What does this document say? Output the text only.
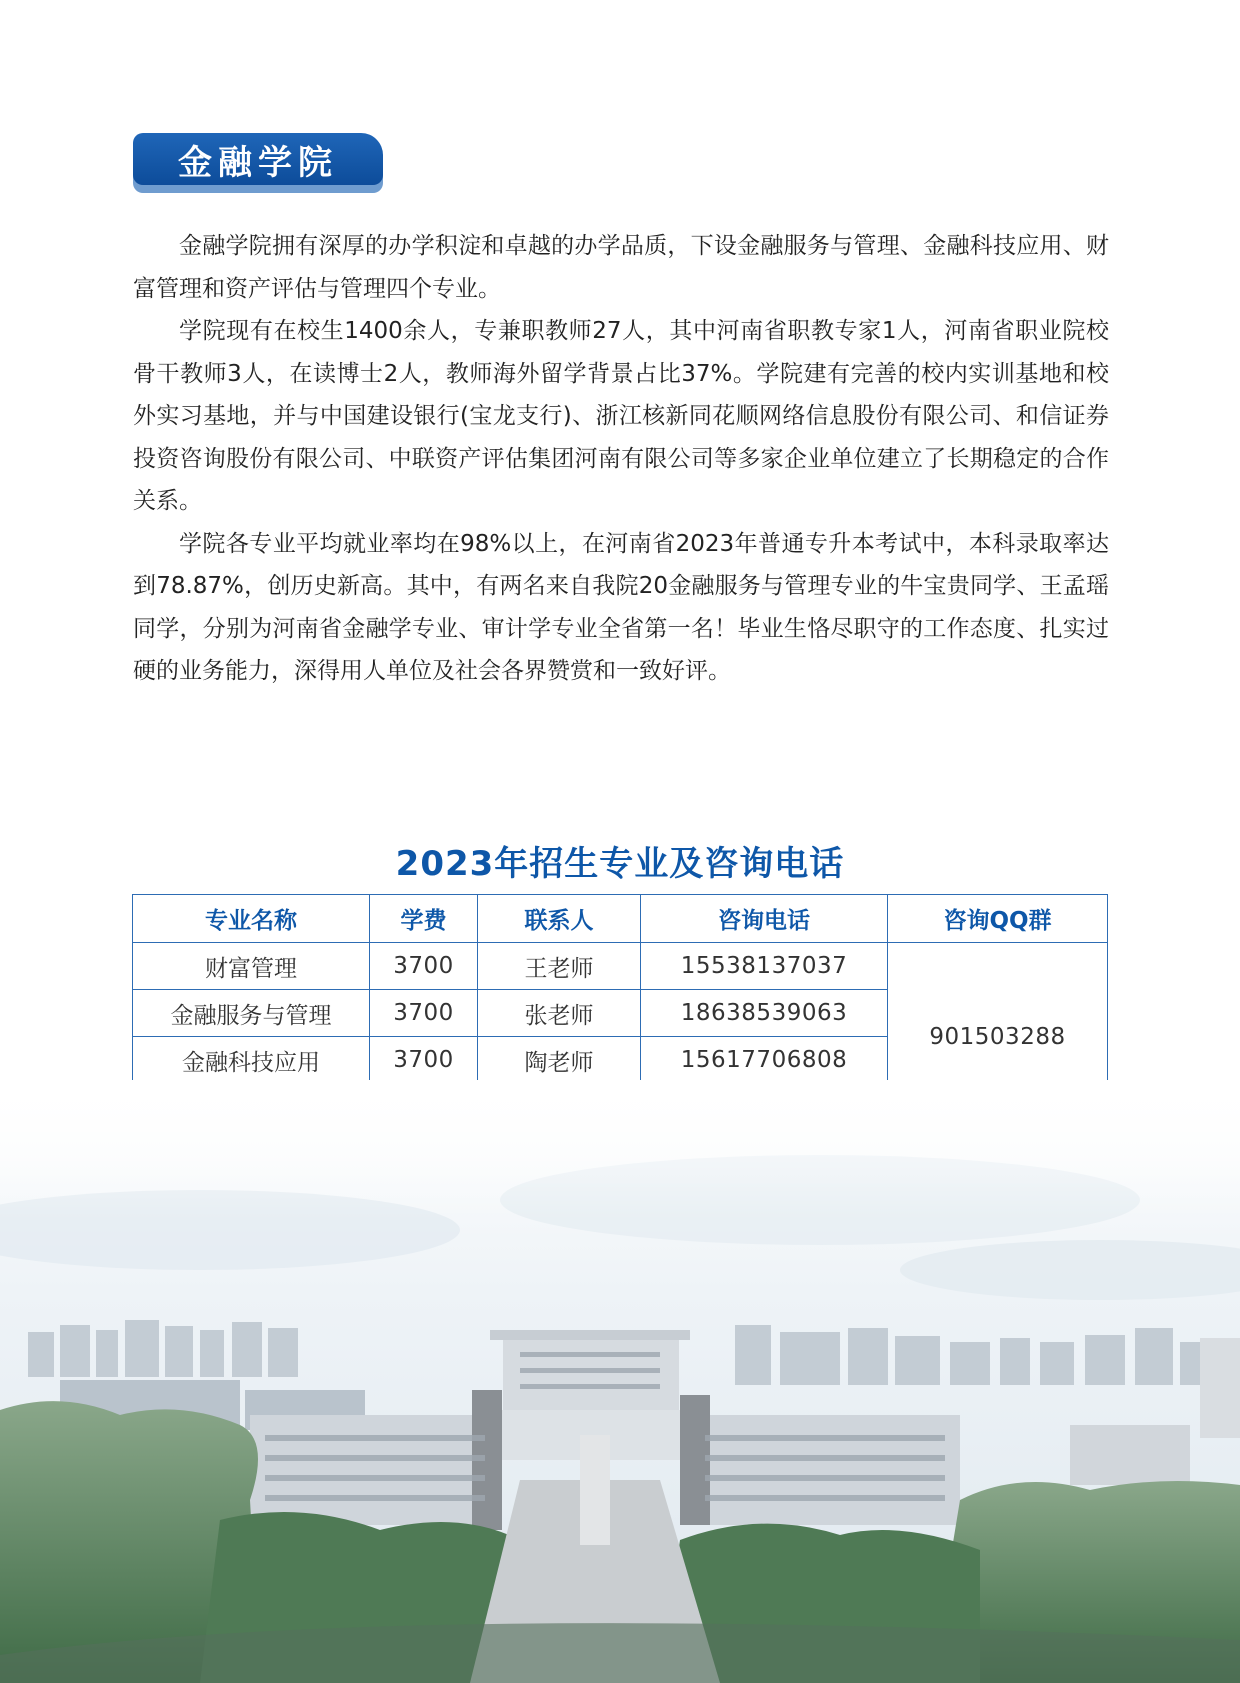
金融学院

金融学院拥有深厚的办学积淀和卓越的办学品质，下设金融服务与管理、金融科技应用、财富管理和资产评估与管理四个专业。

学院现有在校生1400余人，专兼职教师27人，其中河南省职教专家1人，河南省职业院校骨干教师3人，在读博士2人，教师海外留学背景占比37%。学院建有完善的校内实训基地和校外实习基地，并与中国建设银行(宝龙支行)、浙江核新同花顺网络信息股份有限公司、和信证券投资咨询股份有限公司、中联资产评估集团河南有限公司等多家企业单位建立了长期稳定的合作关系。

学院各专业平均就业率均在98%以上，在河南省2023年普通专升本考试中，本科录取率达到78.87%，创历史新高。其中，有两名来自我院20金融服务与管理专业的牛宝贵同学、王孟瑶同学，分别为河南省金融学专业、审计学专业全省第一名！毕业生恪尽职守的工作态度、扎实过硬的业务能力，深得用人单位及社会各界赞赏和一致好评。

2023年招生专业及咨询电话
专业名称	学费	联系人	咨询电话	咨询QQ群
财富管理	3700	王老师	15538137037	901503288
金融服务与管理	3700	张老师	18638539063	
金融科技应用	3700	陶老师	15617706808	
